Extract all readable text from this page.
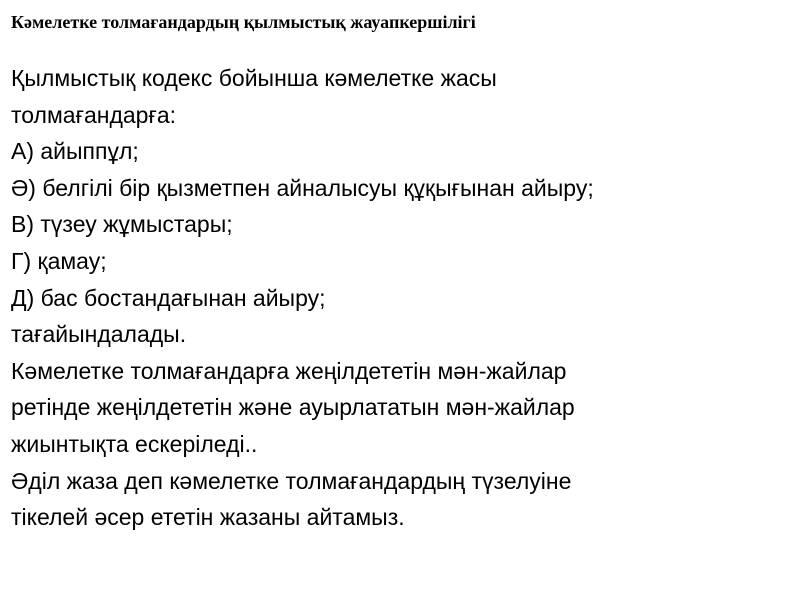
Кәмелетке толмағандардың қылмыстық жауапкершілігі
Қылмыстық кодекс бойынша кәмелетке жасы
толмағандарға:
А) айыппұл;
Ә) белгілі бір қызметпен айналысуы құқығынан айыру;
В) түзеу жұмыстары;
Г) қамау;
Д) бас бостандағынан айыру;
тағайындалады.
Кәмелетке толмағандарға жеңілдететін мән-жайлар
ретінде жеңілдететін және ауырлататын мән-жайлар
жиынтықта ескеріледі..
Әділ жаза деп кәмелетке толмағандардың түзелуіне
тікелей әсер ететін жазаны айтамыз.
